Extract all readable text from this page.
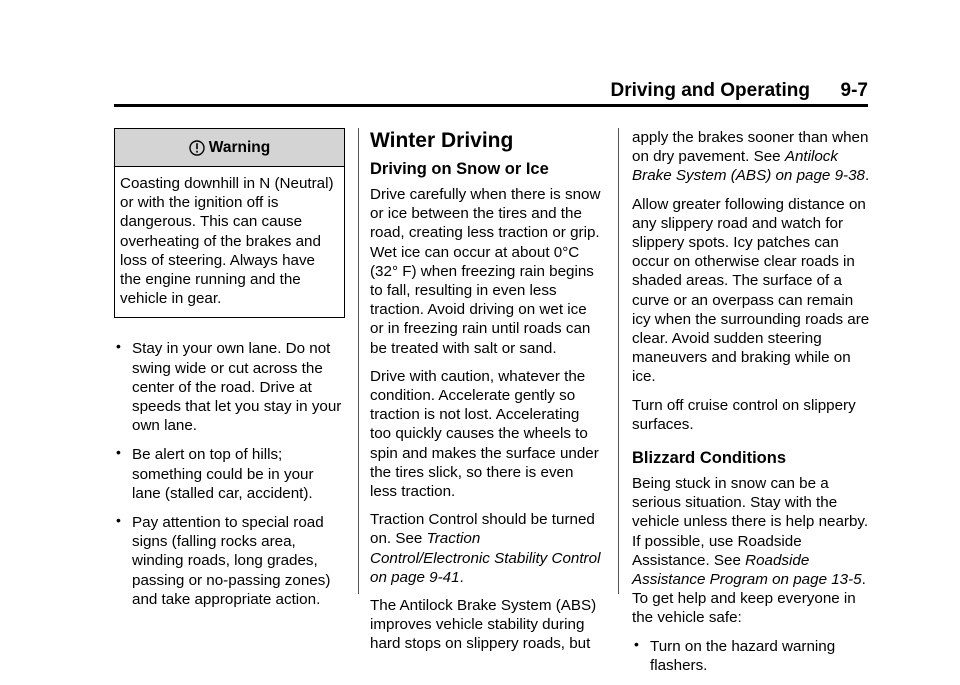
Driving and Operating 9-7
Warning
Coasting downhill in N (Neutral) or with the ignition off is dangerous. This can cause overheating of the brakes and loss of steering. Always have the engine running and the vehicle in gear.
• Stay in your own lane. Do not swing wide or cut across the center of the road. Drive at speeds that let you stay in your own lane.
• Be alert on top of hills; something could be in your lane (stalled car, accident).
• Pay attention to special road signs (falling rocks area, winding roads, long grades, passing or no-passing zones) and take appropriate action.
Winter Driving
Driving on Snow or Ice

Drive carefully when there is snow or ice between the tires and the road, creating less traction or grip. Wet ice can occur at about 0°C (32° F) when freezing rain begins to fall, resulting in even less traction. Avoid driving on wet ice or in freezing rain until roads can be treated with salt or sand.

Drive with caution, whatever the condition. Accelerate gently so traction is not lost. Accelerating too quickly causes the wheels to spin and makes the surface under the tires slick, so there is even less traction.

Traction Control should be turned on. See Traction Control/Electronic Stability Control on page 9-41.

The Antilock Brake System (ABS) improves vehicle stability during hard stops on slippery roads, but

apply the brakes sooner than when on dry pavement. See Antilock Brake System (ABS) on page 9-38.

Allow greater following distance on any slippery road and watch for slippery spots. Icy patches can occur on otherwise clear roads in shaded areas. The surface of a curve or an overpass can remain icy when the surrounding roads are clear. Avoid sudden steering maneuvers and braking while on ice.

Turn off cruise control on slippery surfaces.

Blizzard Conditions

Being stuck in snow can be a serious situation. Stay with the vehicle unless there is help nearby. If possible, use Roadside Assistance. See Roadside Assistance Program on page 13-5. To get help and keep everyone in the vehicle safe:

• Turn on the hazard warning flashers.
